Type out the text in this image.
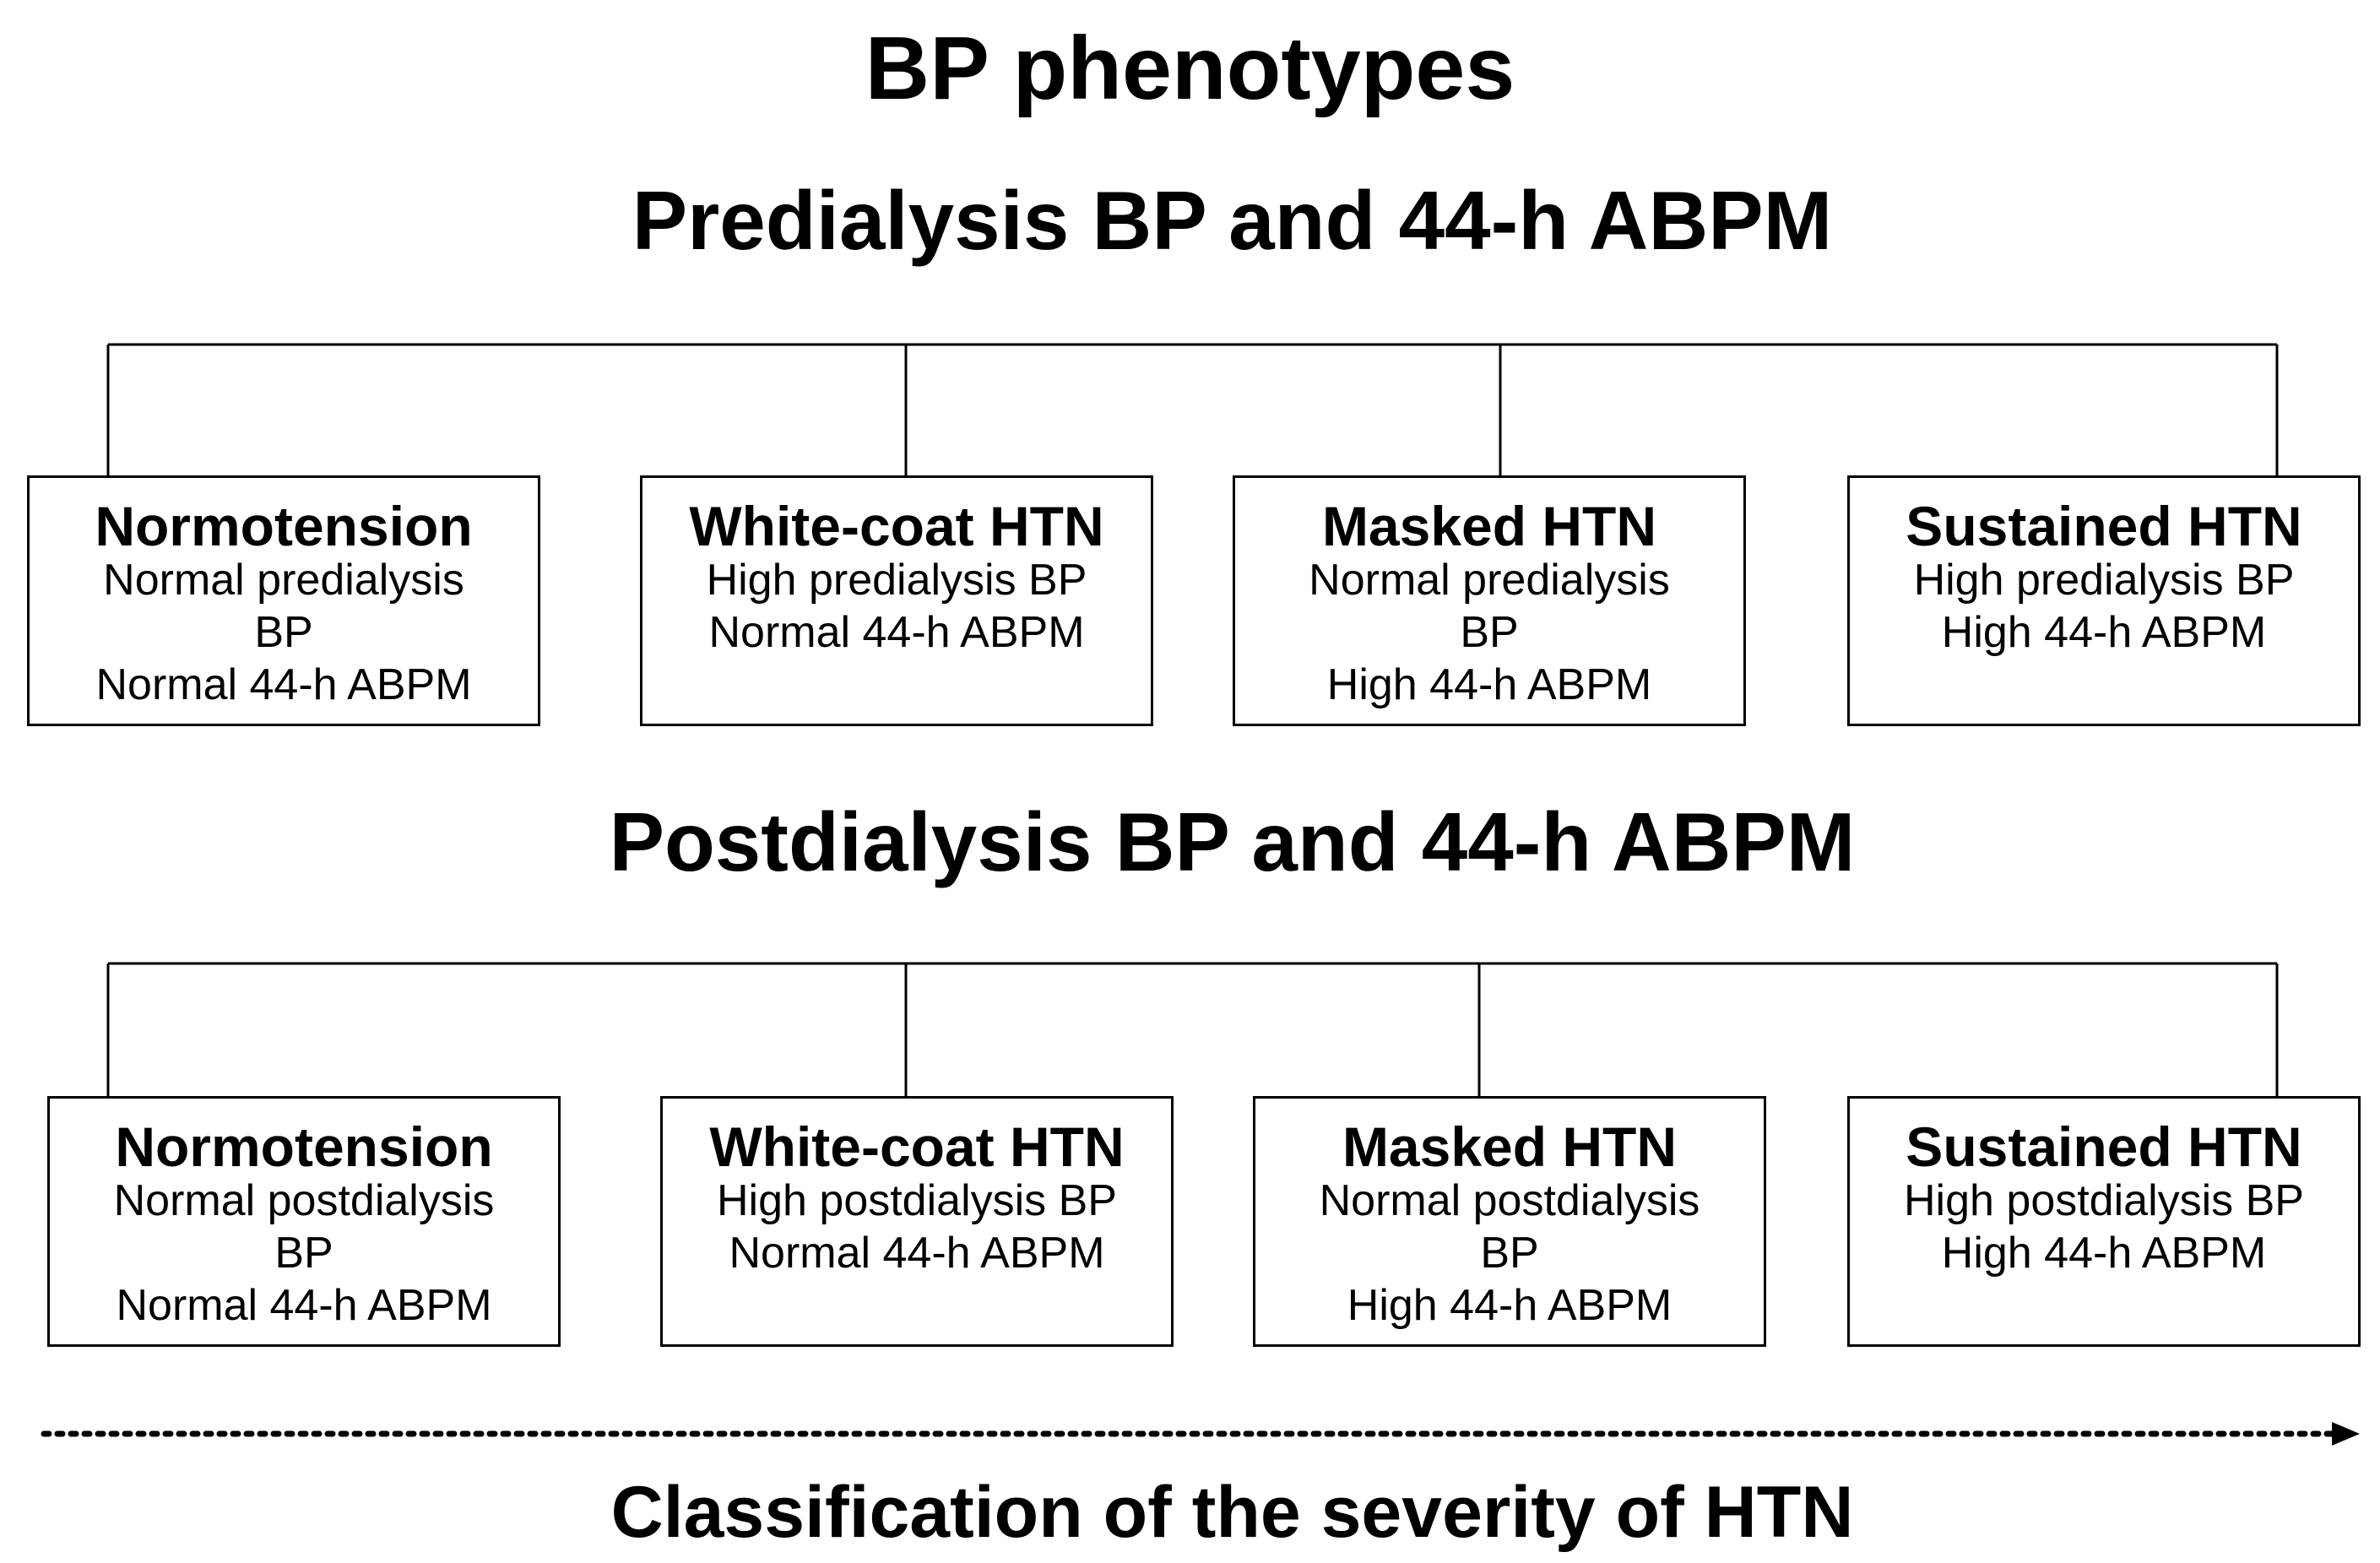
BP phenotypes
Predialysis BP and 44-h ABPM
Postdialysis BP and 44-h ABPM
Normotension
Normal predialysis
BP
Normal 44-h ABPM
White-coat HTN
High predialysis BP
Normal 44-h ABPM
Masked HTN
Normal predialysis
BP
High 44-h ABPM
Sustained HTN
High predialysis BP
High 44-h ABPM
Normotension
Normal postdialysis
BP
Normal 44-h ABPM
White-coat HTN
High postdialysis BP
Normal 44-h ABPM
Masked HTN
Normal postdialysis
BP
High 44-h ABPM
Sustained HTN
High postdialysis BP
High 44-h ABPM
Classification of the severity of HTN
